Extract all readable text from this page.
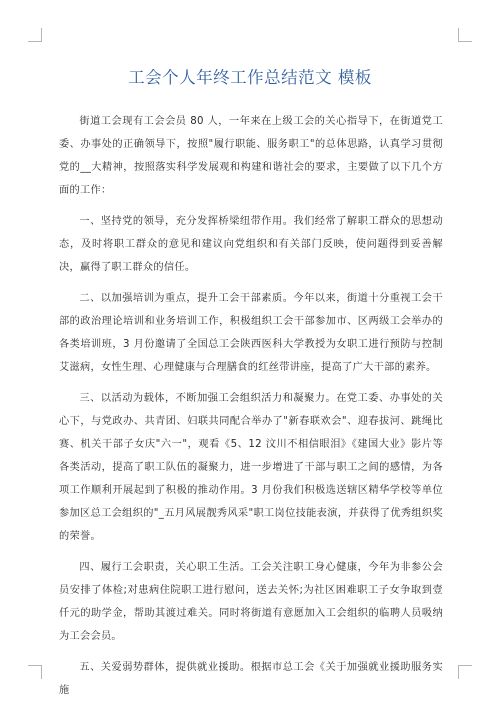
工会个人年终工作总结范文 模板

街道工会现有工会会员 80 人，一年来在上级工会的关心指导下，在街道党工委、办事处的正确领导下，按照"履行职能、服务职工"的总体思路，认真学习贯彻党的__大精神，按照落实科学发展观和构建和谐社会的要求，主要做了以下几个方面的工作：

一、坚持党的领导，充分发挥桥梁纽带作用。我们经常了解职工群众的思想动态，及时将职工群众的意见和建议向党组织和有关部门反映，使问题得到妥善解决，赢得了职工群众的信任。

二、以加强培训为重点，提升工会干部素质。今年以来，街道十分重视工会干部的政治理论培训和业务培训工作，积极组织工会干部参加市、区两级工会举办的各类培训班，3 月份邀请了全国总工会陕西医科大学教授为女职工进行预防与控制艾滋病，女性生理、心理健康与合理膳食的红丝带讲座，提高了广大干部的素养。

三、以活动为载体，不断加强工会组织活力和凝聚力。在党工委、办事处的关心下，与党政办、共青团、妇联共同配合举办了"新春联欢会"、迎春拔河、跳绳比赛、机关干部子女庆"六一"，观看《5、12 汶川不相信眼泪》《建国大业》影片等各类活动，提高了职工队伍的凝聚力，进一步增进了干部与职工之间的感情，为各项工作顺利开展起到了积极的推动作用。3 月份我们积极选送辖区精华学校等单位参加区总工会组织的"_五月风展靓秀风采"职工岗位技能表演，并获得了优秀组织奖的荣誉。

四、履行工会职责，关心职工生活。工会关注职工身心健康，今年为非参公会员安排了体检;对患病住院职工进行慰问，送去关怀;为社区困难职工子女争取到壹仟元的助学金，帮助其渡过难关。同时将街道有意愿加入工会组织的临聘人员吸纳为工会会员。

五、关爱弱势群体，提供就业援助。根据市总工会《关于加强就业援助服务实施
